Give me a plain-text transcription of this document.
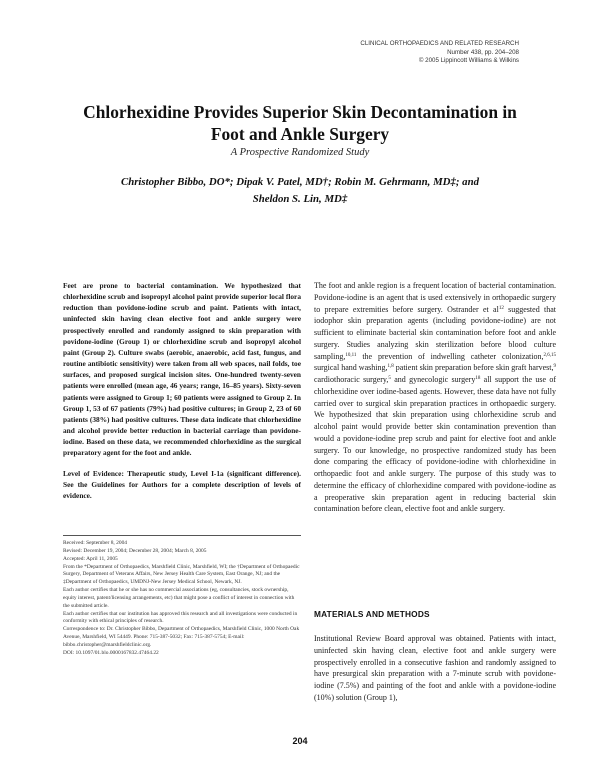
CLINICAL ORTHOPAEDICS AND RELATED RESEARCH
Number 438, pp. 204–208
© 2005 Lippincott Williams & Wilkins
Chlorhexidine Provides Superior Skin Decontamination in
Foot and Ankle Surgery
A Prospective Randomized Study
Christopher Bibbo, DO*; Dipak V. Patel, MD†; Robin M. Gehrmann, MD‡; and
Sheldon S. Lin, MD‡

Feet are prone to bacterial contamination. We hypothesized that chlorhexidine scrub and isopropyl alcohol paint provide superior local flora reduction than povidone-iodine scrub and paint. Patients with intact, uninfected skin having clean elective foot and ankle surgery were prospectively enrolled and randomly assigned to skin preparation with povidone-iodine (Group 1) or chlorhexidine scrub and isopropyl alcohol paint (Group 2). Culture swabs (aerobic, anaerobic, acid fast, fungus, and routine antibiotic sensitivity) were taken from all web spaces, nail folds, toe surfaces, and proposed surgical incision sites. One-hundred twenty-seven patients were enrolled (mean age, 46 years; range, 16–85 years). Sixty-seven patients were assigned to Group 1; 60 patients were assigned to Group 2. In Group 1, 53 of 67 patients (79%) had positive cultures; in Group 2, 23 of 60 patients (38%) had positive cultures. These data indicate that chlorhexidine and alcohol provide better reduction in bacterial carriage than povidone-iodine. Based on these data, we recommended chlorhexidine as the surgical preparatory agent for the foot and ankle.

Level of Evidence: Therapeutic study, Level I-1a (significant difference). See the Guidelines for Authors for a complete description of levels of evidence.

Received: September 8, 2004
Revised: December 19, 2004; December 28, 2004; March 8, 2005
Accepted: April 11, 2005
From the *Department of Orthopaedics, Marshfield Clinic, Marshfield, WI; the †Department of Orthopaedic Surgery, Department of Veterans Affairs, New Jersey Health Care System, East Orange, NJ; and the ‡Department of Orthopaedics, UMDNJ-New Jersey Medical School, Newark, NJ.
Each author certifies that he or she has no commercial associations (eg, consultancies, stock ownership, equity interest, patent/licensing arrangements, etc) that might pose a conflict of interest in connection with the submitted article.
Each author certifies that our institution has approved this research and all investigations were conducted in conformity with ethical principles of research.
Correspondence to: Dr. Christopher Bibbo, Department of Orthopaedics, Marshfield Clinic, 1000 North Oak Avenue, Marshfield, WI 54449. Phone: 715-387-5032; Fax: 715-387-5754; E-mail: bibbo.christopher@marshfieldclinic.org.
DOI: 10.1097/01.blo.0000167832.47464.22

The foot and ankle region is a frequent location of bacterial contamination. Povidone-iodine is an agent that is used extensively in orthopaedic surgery to prepare extremities before surgery. Ostrander et $al^{12}$ suggested that iodophor skin preparation agents (including povidone-iodine) are not sufficient to eliminate bacterial skin contamination before foot and ankle surgery. Studies analyzing skin sterilization before blood culture sampling,$^{10,11}$ the prevention of indwelling catheter colonization,$^{2,6,15}$ surgical hand washing,$^{1,8}$ patient skin preparation before skin graft harvest,$^9$ cardiothoracic surgery,$^5$ and gynecologic surgery$^{18}$ all support the use of chlorhexidine over iodine-based agents. However, these data have not fully carried over to surgical skin preparation practices in orthopaedic surgery. We hypothesized that skin preparation using chlorhexidine scrub and alcohol paint would provide better skin contamination prevention than would a povidone-iodine prep scrub and paint for elective foot and ankle surgery. To our knowledge, no prospective randomized study has been done comparing the efficacy of povidone-iodine with chlorhexidine in orthopaedic foot and ankle surgery. The purpose of this study was to determine the efficacy of chlorhexidine compared with povidone-iodine as a preoperative skin preparation agent in reducing bacterial skin contamination before clean, elective foot and ankle surgery.

MATERIALS AND METHODS

Institutional Review Board approval was obtained. Patients with intact, uninfected skin having clean, elective foot and ankle surgery were prospectively enrolled in a consecutive fashion and randomly assigned to have presurgical skin preparation with a 7-minute scrub with povidone-iodine (7.5%) and painting of the foot and ankle with a povidone-iodine (10%) solution (Group 1),

204
